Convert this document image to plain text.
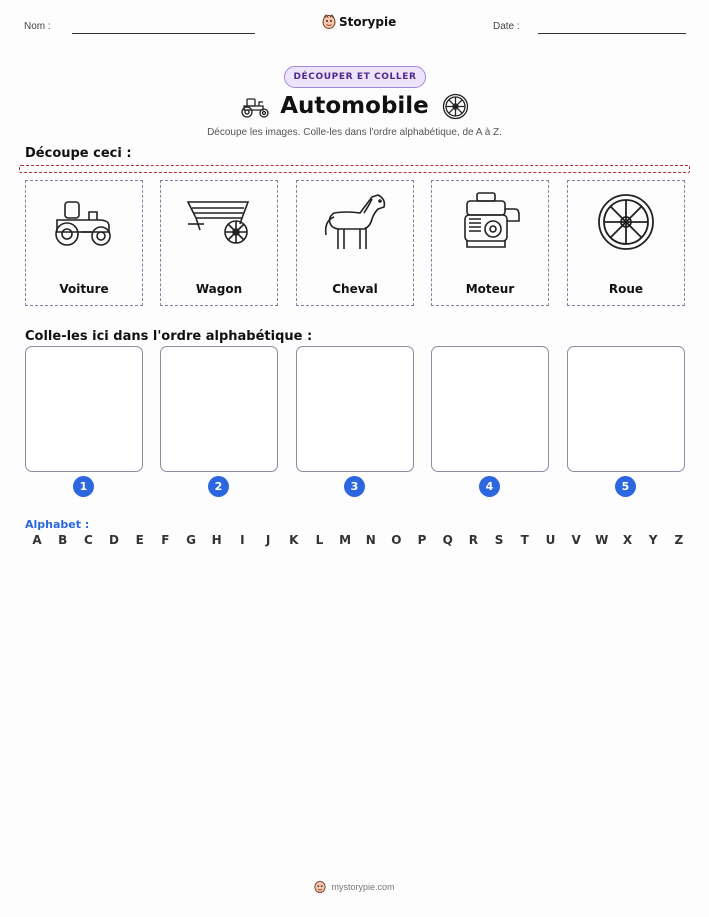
Nom :	Storypie	Date :
DÉCOUPER ET COLLER
Automobile
Découpe les images. Colle-les dans l'ordre alphabétique, de A à Z.
Découpe ceci :
Voiture	Wagon	Cheval	Moteur	Roue
Colle-les ici dans l'ordre alphabétique :
1	2	3	4	5
Alphabet :
A B C D E F G H	I	J	K L M N O P Q R S T U V W X Y Z
mystorypie.com
